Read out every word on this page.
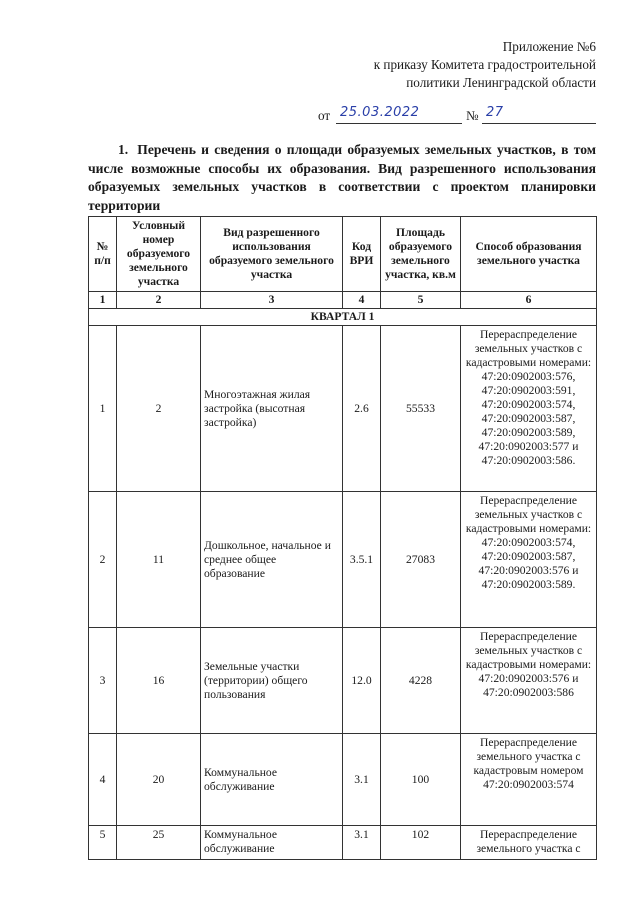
Приложение №6
к приказу Комитета градостроительной
политики Ленинградской области
от 25.03.2022	№ 27
1. Перечень и сведения о площади образуемых земельных участков, в том числе возможные способы их образования. Вид разрешенного использования образуемых земельных участков в соответствии с проектом планировки территории
№ п/п	Условный номер образуемого земельного участка	Вид разрешенного использования образуемого земельного участка	Код ВРИ	Площадь образуемого земельного участка, кв.м	Способ образования земельного участка
1	2	3	4	5	6
КВАРТАЛ 1					
1	2	Многоэтажная жилая застройка (высотная застройка)	2.6	55533	Перераспределение земельных участков с кадастровыми номерами: 47:20:0902003:576, 47:20:0902003:591, 47:20:0902003:574, 47:20:0902003:587, 47:20:0902003:589, 47:20:0902003:577 и 47:20:0902003:586.
2	11	Дошкольное, начальное и среднее общее образование	3.5.1	27083	Перераспределение земельных участков с кадастровыми номерами: 47:20:0902003:574, 47:20:0902003:587, 47:20:0902003:576 и 47:20:0902003:589.
3	16	Земельные участки (территории) общего пользования	12.0	4228	Перераспределение земельных участков с кадастровыми номерами: 47:20:0902003:576 и 47:20:0902003:586
4	20	Коммунальное обслуживание	3.1	100	Перераспределение земельного участка с кадастровым номером 47:20:0902003:574
5	25	Коммунальное обслуживание	3.1	102	Перераспределение земельного участка с
